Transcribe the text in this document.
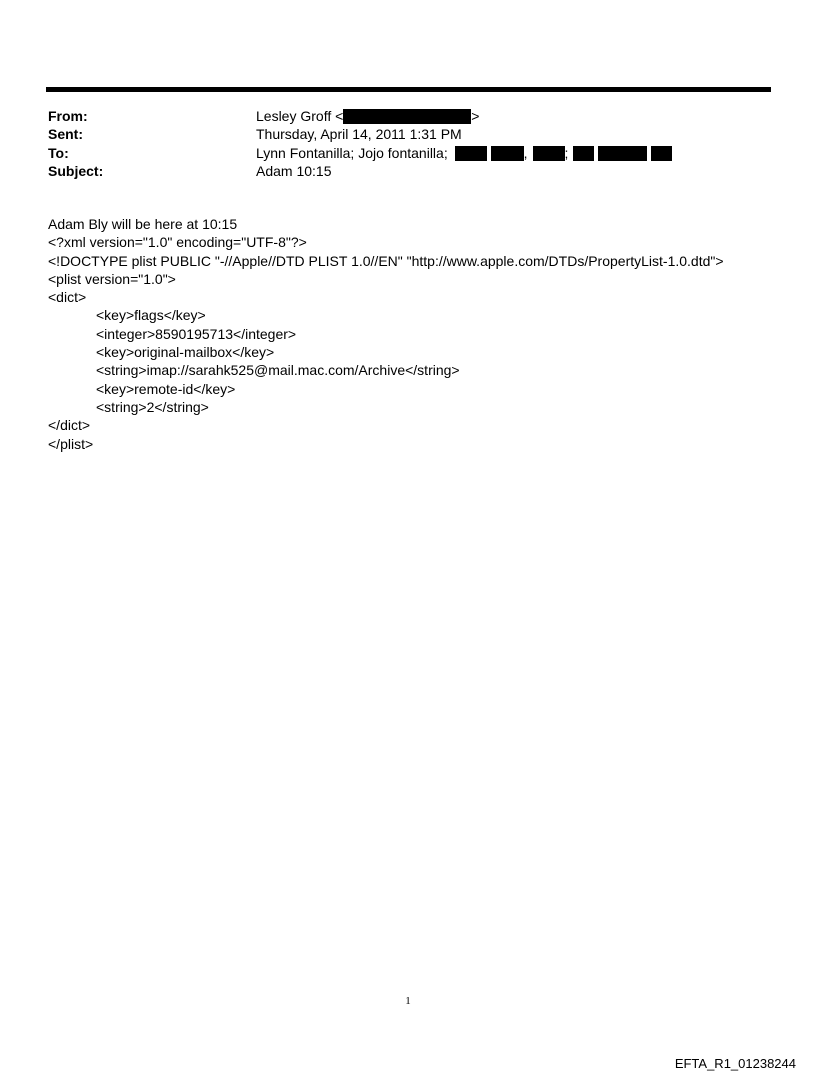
From:	Lesley Groff <	>
Sent:	Thursday, April 14, 2011 1:31 PM
To:	Lynn Fontanilla; Jojo fontanilla;	,	;
Subject:	Adam 10:15
Adam Bly will be here at 10:15
<?xml version="1.0" encoding="UTF-8"?>
<!DOCTYPE plist PUBLIC "-//Apple//DTD PLIST 1.0//EN" "http://www.apple.com/DTDs/PropertyList-1.0.dtd">
<plist version="1.0">
<dict>
<key>flags</key>
<integer>8590195713</integer>
<key>original-mailbox</key>
<string>imap://sarahk525@mail.mac.com/Archive</string>
<key>remote-id</key>
<string>2</string>
</dict>
</plist>
1
EFTA_R1_01238244
